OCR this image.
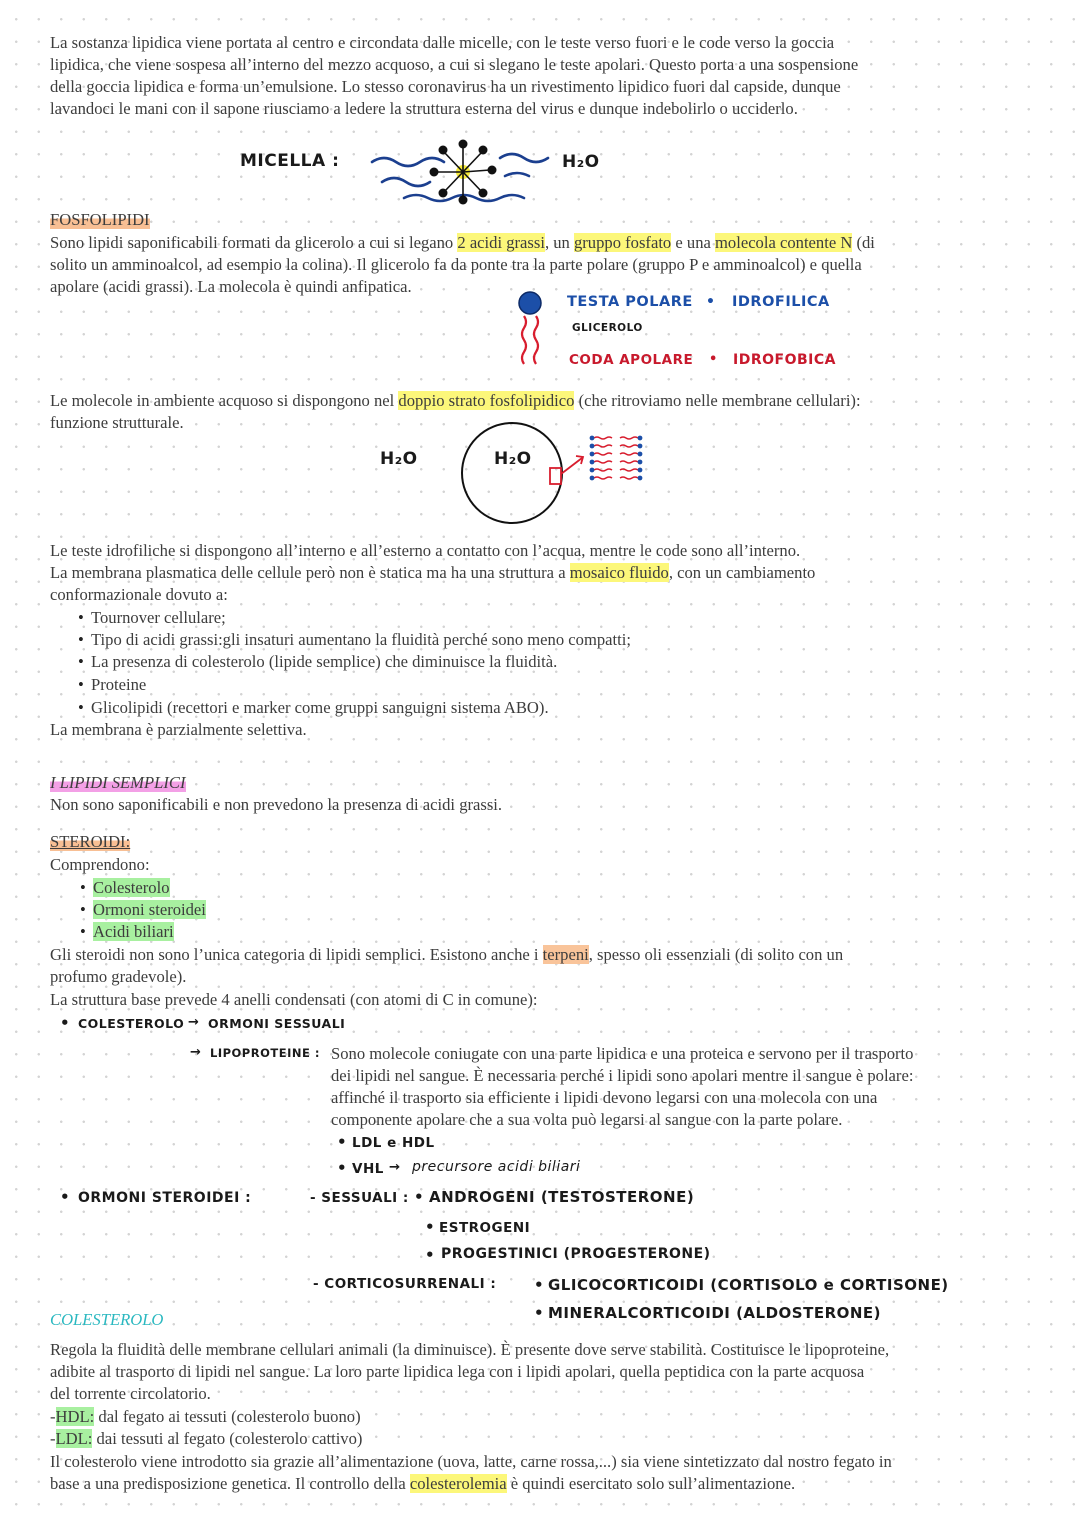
La sostanza lipidica viene portata al centro e circondata dalle micelle, con le teste verso fuori e le code verso la goccia

lipidica, che viene sospesa all’interno del mezzo acquoso, a cui si slegano le teste apolari. Questo porta a una sospensione

della goccia lipidica e forma un’emulsione. Lo stesso coronavirus ha un rivestimento lipidico fuori dal capside, dunque

lavandoci le mani con il sapone riusciamo a ledere la struttura esterna del virus e dunque indebolirlo o ucciderlo.

MICELLA :	H₂O

FOSFOLIPIDI

Sono lipidi saponificabili formati da glicerolo a cui si legano 2 acidi grassi, un gruppo fosfato e una molecola contente N (di

solito un amminoalcol, ad esempio la colina). Il glicerolo fa da ponte tra la parte polare (gruppo P e amminoalcol) e quella

apolare (acidi grassi). La molecola è quindi anfipatica.

TESTA POLARE • IDROFILICA
GLICEROLO
CODA APOLARE • IDROFOBICA

Le molecole in ambiente acquoso si dispongono nel doppio strato fosfolipidico (che ritroviamo nelle membrane cellulari):

funzione strutturale.

H₂O	H₂O

Le teste idrofiliche si dispongono all’interno e all’esterno a contatto con l’acqua, mentre le code sono all’interno.

La membrana plasmatica delle cellule però non è statica ma ha una struttura a mosaico fluido, con un cambiamento

conformazionale dovuto a:

• Tournover cellulare;
• Tipo di acidi grassi:gli insaturi aumentano la fluidità perché sono meno compatti;
• La presenza di colesterolo (lipide semplice) che diminuisce la fluidità.
• Proteine
• Glicolipidi (recettori e marker come gruppi sanguigni sistema ABO).

La membrana è parzialmente selettiva.

I LIPIDI SEMPLICI

Non sono saponificabili e non prevedono la presenza di acidi grassi.

STEROIDI:

Comprendono:

• Colesterolo
• Ormoni steroidei
• Acidi biliari

Gli steroidi non sono l’unica categoria di lipidi semplici. Esistono anche i terpeni, spesso oli essenziali (di solito con un

profumo gradevole).

La struttura base prevede 4 anelli condensati (con atomi di C in comune):

• COLESTEROLO → ORMONI SESSUALI
→ LIPOPROTEINE : Sono molecole coniugate con una parte lipidica e una proteica e servono per il trasporto

dei lipidi nel sangue. È necessaria perché i lipidi sono apolari mentre il sangue è polare:

affinché il trasporto sia efficiente i lipidi devono legarsi con una molecola con una

componente apolare che a sua volta può legarsi al sangue con la parte polare.

• LDL e HDL
• VHL → precursore acidi biliari
• ORMONI STEROIDEI :	- SESSUALI : • ANDROGENI (TESTOSTERONE)
• ESTROGENI
• PROGESTINICI (PROGESTERONE)
- CORTICOSURRENALI :	• GLICOCORTICOIDI (CORTISOLO e CORTISONE)
• MINERALCORTICOIDI (ALDOSTERONE)

COLESTEROLO

Regola la fluidità delle membrane cellulari animali (la diminuisce). È presente dove serve stabilità. Costituisce le lipoproteine,

adibite al trasporto di lipidi nel sangue. La loro parte lipidica lega con i lipidi apolari, quella peptidica con la parte acquosa

del torrente circolatorio.

-HDL: dal fegato ai tessuti (colesterolo buono)

-LDL: dai tessuti al fegato (colesterolo cattivo)

Il colesterolo viene introdotto sia grazie all’alimentazione (uova, latte, carne rossa,...) sia viene sintetizzato dal nostro fegato in

base a una predisposizione genetica. Il controllo della colesterolemia è quindi esercitato solo sull’alimentazione.
